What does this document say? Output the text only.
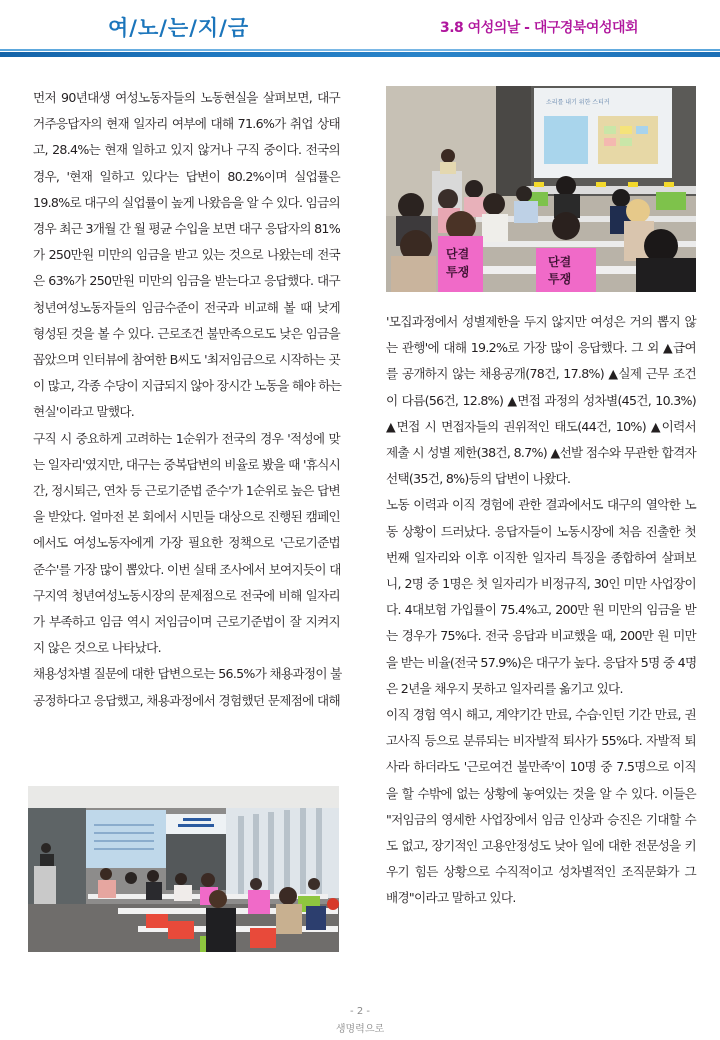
여/노/는/지/금	3.8 여성의날 - 대구경북여성대회

먼저 90년대생 여성노동자들의 노동현실을 살펴보면, 대구
거주응답자의 현재 일자리 여부에 대해 71.6%가 취업 상태
고, 28.4%는 현재 일하고 있지 않거나 구직 중이다. 전국의
경우, '현재 일하고 있다'는 답변이 80.2%이며 실업률은
19.8%로 대구의 실업률이 높게 나왔음을 알 수 있다. 임금의
경우 최근 3개월 간 월 평균 수입을 보면 대구 응답자의 81%
가 250만원 미만의 임금을 받고 있는 것으로 나왔는데 전국
은 63%가 250만원 미만의 임금을 받는다고 응답했다. 대구
청년여성노동자들의 임금수준이 전국과 비교해 볼 때 낮게
형성된 것을 볼 수 있다. 근로조건 불만족으로도 낮은 임금을
꼽았으며 인터뷰에 참여한 B씨도 '최저임금으로 시작하는 곳
이 많고, 각종 수당이 지급되지 않아 장시간 노동을 해야 하는
현실'이라고 말했다.

구직 시 중요하게 고려하는 1순위가 전국의 경우 '적성에 맞
는 일자리'였지만, 대구는 중복답변의 비율로 봤을 때 '휴식시
간, 정시퇴근, 연차 등 근로기준법 준수'가 1순위로 높은 답변
을 받았다. 얼마전 본 회에서 시민들 대상으로 진행된 캠페인
에서도 여성노동자에게 가장 필요한 정책으로 '근로기준법
준수'를 가장 많이 뽑았다. 이번 실태 조사에서 보여지듯이 대
구지역 청년여성노동시장의 문제점으로 전국에 비해 일자리
가 부족하고 임금 역시 저임금이며 근로기준법이 잘 지켜지
지 않은 것으로 나타났다.

채용성차별 질문에 대한 답변으로는 56.5%가 채용과정이 불
공정하다고 응답했고, 채용과정에서 경험했던 문제점에 대해

소리를 내기 위한 스티커
단결
투쟁
단결
투쟁

'모집과정에서 성별제한을 두지 않지만 여성은 거의 뽑지 않
는 관행'에 대해 19.2%로 가장 많이 응답했다. 그 외 ▲급여
를 공개하지 않는 채용공개(78건, 17.8%) ▲실제 근무 조건
이 다름(56건, 12.8%) ▲면접 과정의 성차별(45건, 10.3%)
▲면접 시 면접자들의 권위적인 태도(44건, 10%) ▲이력서
제출 시 성별 제한(38건, 8.7%) ▲선발 점수와 무관한 합격자
선택(35건, 8%)등의 답변이 나왔다.

노동 이력과 이직 경험에 관한 결과에서도 대구의 열악한 노
동 상황이 드러났다. 응답자들이 노동시장에 처음 진출한 첫
번째 일자리와 이후 이직한 일자리 특징을 종합하여 살펴보
니, 2명 중 1명은 첫 일자리가 비정규직, 30인 미만 사업장이
다. 4대보험 가입률이 75.4%고, 200만 원 미만의 임금을 받
는 경우가 75%다. 전국 응답과 비교했을 때, 200만 원 미만
을 받는 비율(전국 57.9%)은 대구가 높다. 응답자 5명 중 4명
은 2년을 채우지 못하고 일자리를 옮기고 있다.

이직 경험 역시 해고, 계약기간 만료, 수습·인턴 기간 만료, 권
고사직 등으로 분류되는 비자발적 퇴사가 55%다. 자발적 퇴
사라 하더라도 '근로여건 불만족'이 10명 중 7.5명으로 이직
을 할 수밖에 없는 상황에 놓여있는 것을 알 수 있다. 이들은
"저임금의 영세한 사업장에서 임금 인상과 승진은 기대할 수
도 없고, 장기적인 고용안정성도 낮아 일에 대한 전문성을 키
우기 힘든 상황으로 수직적이고 성차별적인 조직문화가 그
배경"이라고 말하고 있다.

- 2 -
생명력으로
